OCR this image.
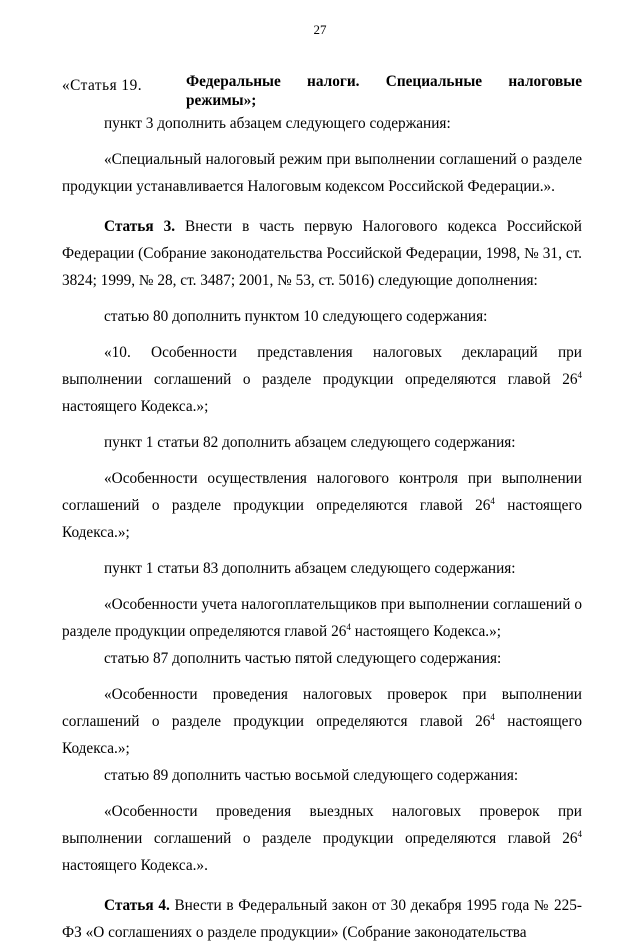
27
«Статья 19.	Федеральные налоги. Специальные налоговые режимы»;

пункт 3 дополнить абзацем следующего содержания:

«Специальный налоговый режим при выполнении соглашений о разделе продукции устанавливается Налоговым кодексом Российской Федерации.».

Статья 3. Внести в часть первую Налогового кодекса Российской Федерации (Собрание законодательства Российской Федерации, 1998, № 31, ст. 3824; 1999, № 28, ст. 3487; 2001, № 53, ст. 5016) следующие дополнения:

статью 80 дополнить пунктом 10 следующего содержания:

«10. Особенности представления налоговых деклараций при выполнении соглашений о разделе продукции определяются главой $26^4$ настоящего Кодекса.»;

пункт 1 статьи 82 дополнить абзацем следующего содержания:

«Особенности осуществления налогового контроля при выполнении соглашений о разделе продукции определяются главой $26^4$ настоящего Кодекса.»;

пункт 1 статьи 83 дополнить абзацем следующего содержания:

«Особенности учета налогоплательщиков при выполнении соглашений о разделе продукции определяются главой $26^4$ настоящего Кодекса.»;

статью 87 дополнить частью пятой следующего содержания:

«Особенности проведения налоговых проверок при выполнении соглашений о разделе продукции определяются главой $26^4$ настоящего Кодекса.»;

статью 89 дополнить частью восьмой следующего содержания:

«Особенности проведения выездных налоговых проверок при выполнении соглашений о разделе продукции определяются главой $26^4$ настоящего Кодекса.».

Статья 4. Внести в Федеральный закон от 30 декабря 1995 года № 225-ФЗ «О соглашениях о разделе продукции» (Собрание законодательства
